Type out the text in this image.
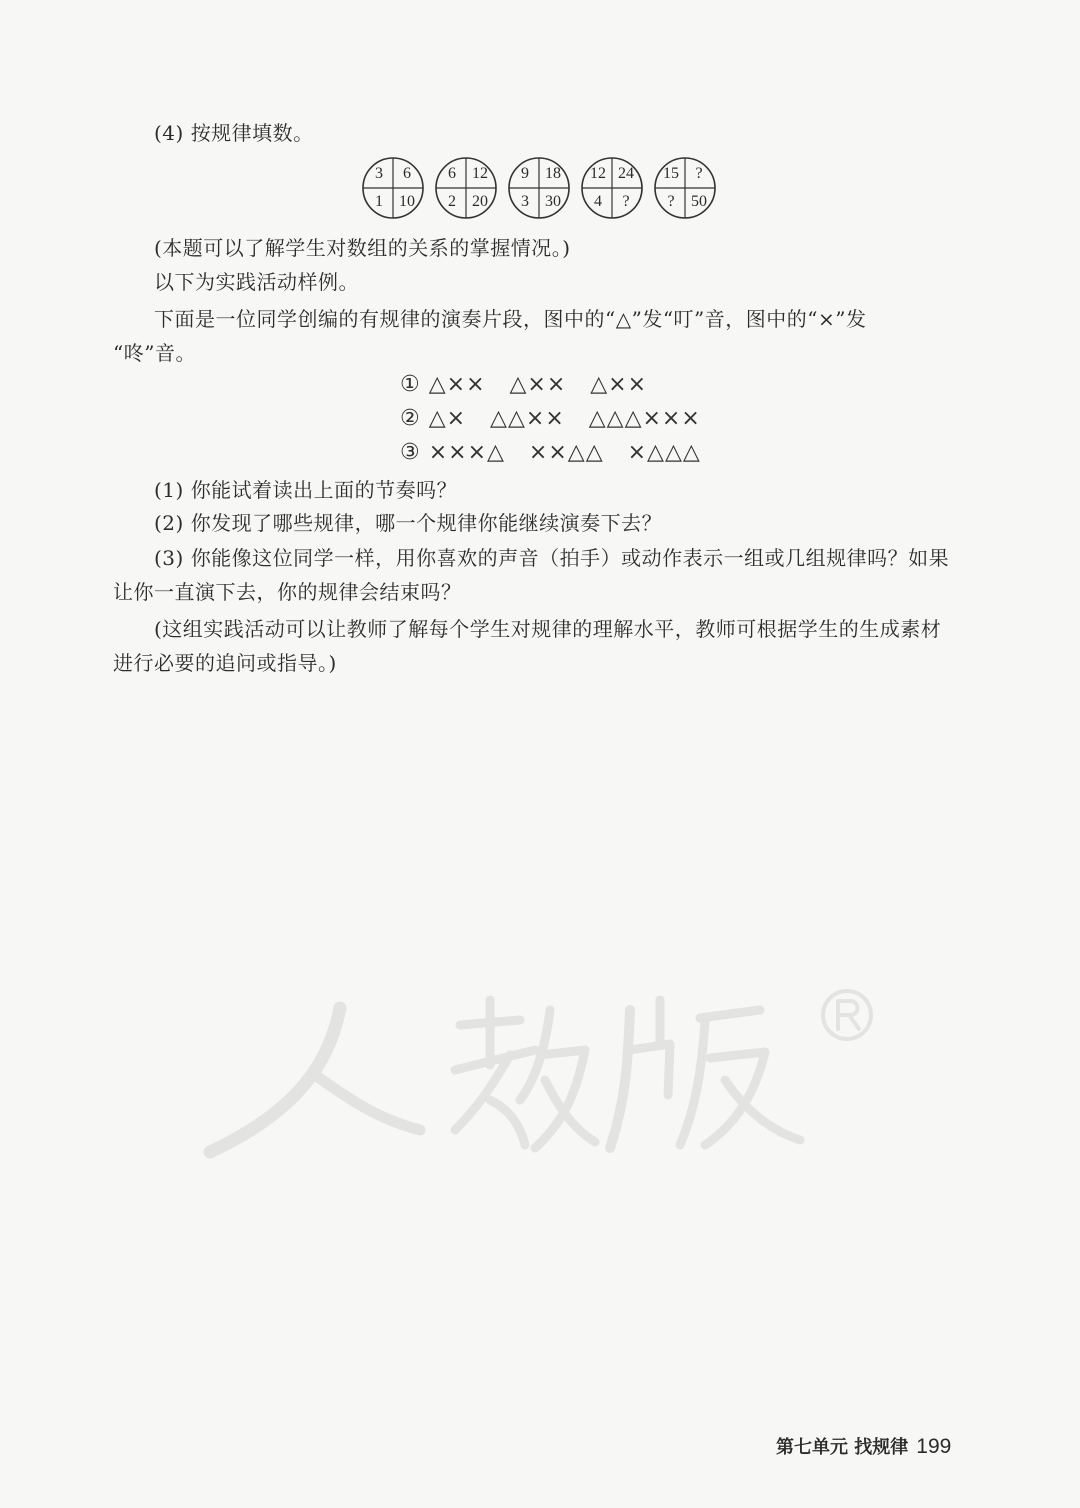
(4) 按规律填数。
3	6
1	10
6	12
2	20
9	18
3	30
12 24
4	?
15	?
?	50
(本题可以了解学生对数组的关系的掌握情况。)
以下为实践活动样例。
下面是一位同学创编的有规律的演奏片段，图中的“△”发“叮”音，图中的“×”发
“咚”音。
① △××   △××   △××
② △×   △△××   △△△×××
③ ×××△   ××△△   ×△△△
(1) 你能试着读出上面的节奏吗？
(2) 你发现了哪些规律，哪一个规律你能继续演奏下去？
(3) 你能像这位同学一样，用你喜欢的声音（拍手）或动作表示一组或几组规律吗？如果
让你一直演下去，你的规律会结束吗？
(这组实践活动可以让教师了解每个学生对规律的理解水平，教师可根据学生的生成素材
进行必要的追问或指导。)
第七单元 找规律 199
